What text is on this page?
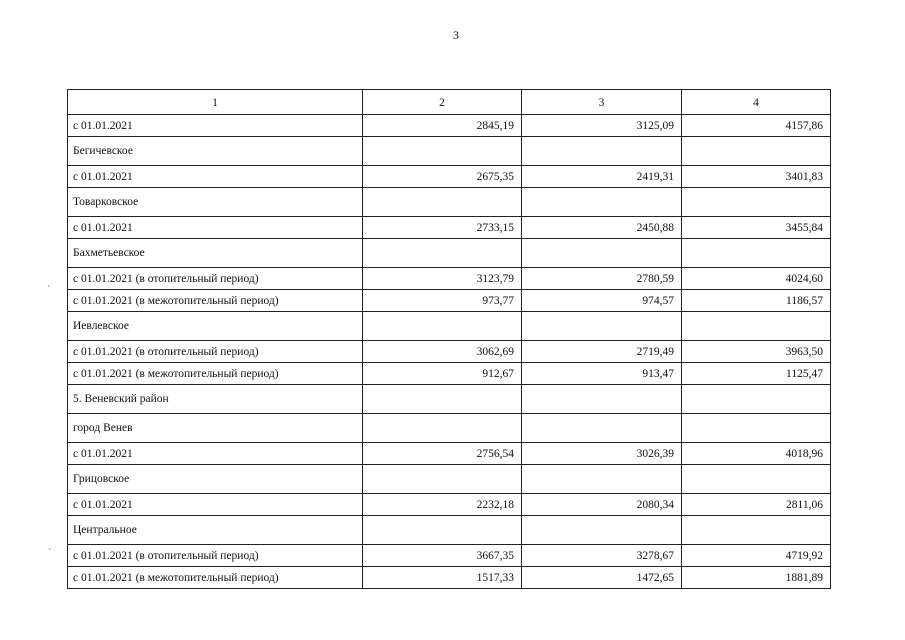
3
`
`
1	2	3	4
с 01.01.2021	2845,19	3125,09	4157,86
Бегичевское			
с 01.01.2021	2675,35	2419,31	3401,83
Товарковское			
с 01.01.2021	2733,15	2450,88	3455,84
Бахметьевское			
с 01.01.2021 (в отопительный период)	3123,79	2780,59	4024,60
с 01.01.2021 (в межотопительный период)	973,77	974,57	1186,57
Иевлевское			
с 01.01.2021 (в отопительный период)	3062,69	2719,49	3963,50
с 01.01.2021 (в межотопительный период)	912,67	913,47	1125,47
5. Веневский район			
город Венев			
с 01.01.2021	2756,54	3026,39	4018,96
Грицовское			
с 01.01.2021	2232,18	2080,34	2811,06
Центральное			
с 01.01.2021 (в отопительный период)	3667,35	3278,67	4719,92
с 01.01.2021 (в межотопительный период)	1517,33	1472,65	1881,89
